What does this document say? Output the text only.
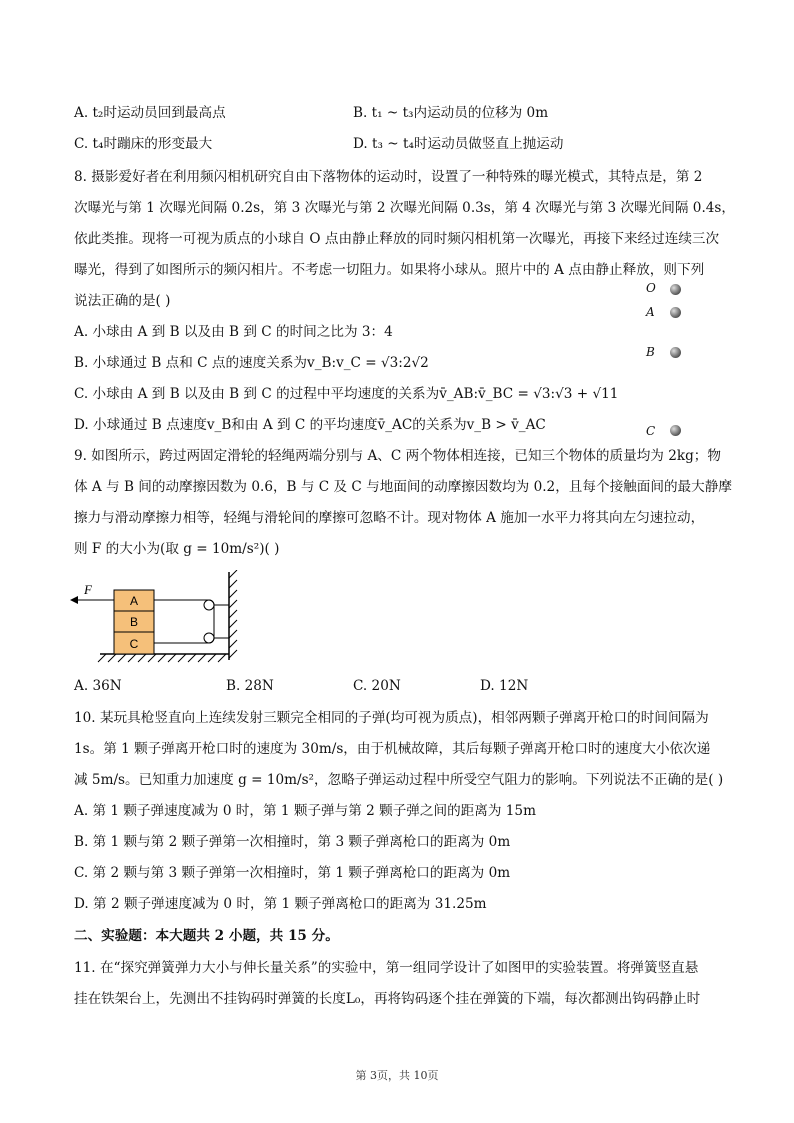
A. t₂时运动员回到最高点	B. t₁ ~ t₃内运动员的位移为 0m
C. t₄时蹦床的形变最大	D. t₃ ~ t₄时运动员做竖直上抛运动
8. 摄影爱好者在利用频闪相机研究自由下落物体的运动时，设置了一种特殊的曝光模式，其特点是，第 2
次曝光与第 1 次曝光间隔 0.2s，第 3 次曝光与第 2 次曝光间隔 0.3s，第 4 次曝光与第 3 次曝光间隔 0.4s，
依此类推。现将一可视为质点的小球自 O 点由静止释放的同时频闪相机第一次曝光，再接下来经过连续三次
曝光，得到了如图所示的频闪相片。不考虑一切阻力。如果将小球从。照片中的 A 点由静止释放，则下列
说法正确的是( )
A. 小球由 A 到 B 以及由 B 到 C 的时间之比为 3：4
B. 小球通过 B 点和 C 点的速度关系为v_B:v_C = √3:2√2
C. 小球由 A 到 B 以及由 B 到 C 的过程中平均速度的关系为v̄_AB:v̄_BC = √3:√3 + √11
D. 小球通过 B 点速度v_B和由 A 到 C 的平均速度v̄_AC的关系为v_B > v̄_AC
O
A
B
C
9. 如图所示，跨过两固定滑轮的轻绳两端分别与 A、C 两个物体相连接，已知三个物体的质量均为 2kg；物
体 A 与 B 间的动摩擦因数为 0.6，B 与 C 及 C 与地面间的动摩擦因数均为 0.2，且每个接触面间的最大静摩
擦力与滑动摩擦力相等，轻绳与滑轮间的摩擦可忽略不计。现对物体 A 施加一水平力将其向左匀速拉动，
则 F 的大小为(取 g = 10m/s²)( )
A
B
C
F
A. 36N	B. 28N	C. 20N	D. 12N
10. 某玩具枪竖直向上连续发射三颗完全相同的子弹(均可视为质点)，相邻两颗子弹离开枪口的时间间隔为
1s。第 1 颗子弹离开枪口时的速度为 30m/s，由于机械故障，其后每颗子弹离开枪口时的速度大小依次递
减 5m/s。已知重力加速度 g = 10m/s²，忽略子弹运动过程中所受空气阻力的影响。下列说法不正确的是( )
A. 第 1 颗子弹速度减为 0 时，第 1 颗子弹与第 2 颗子弹之间的距离为 15m
B. 第 1 颗与第 2 颗子弹第一次相撞时，第 3 颗子弹离枪口的距离为 0m
C. 第 2 颗与第 3 颗子弹第一次相撞时，第 1 颗子弹离枪口的距离为 0m
D. 第 2 颗子弹速度减为 0 时，第 1 颗子弹离枪口的距离为 31.25m
二、实验题：本大题共 2 小题，共 15 分。
11. 在“探究弹簧弹力大小与伸长量关系”的实验中，第一组同学设计了如图甲的实验装置。将弹簧竖直悬
挂在铁架台上，先测出不挂钩码时弹簧的长度L₀，再将钩码逐个挂在弹簧的下端，每次都测出钩码静止时
第 3页，共 10页
